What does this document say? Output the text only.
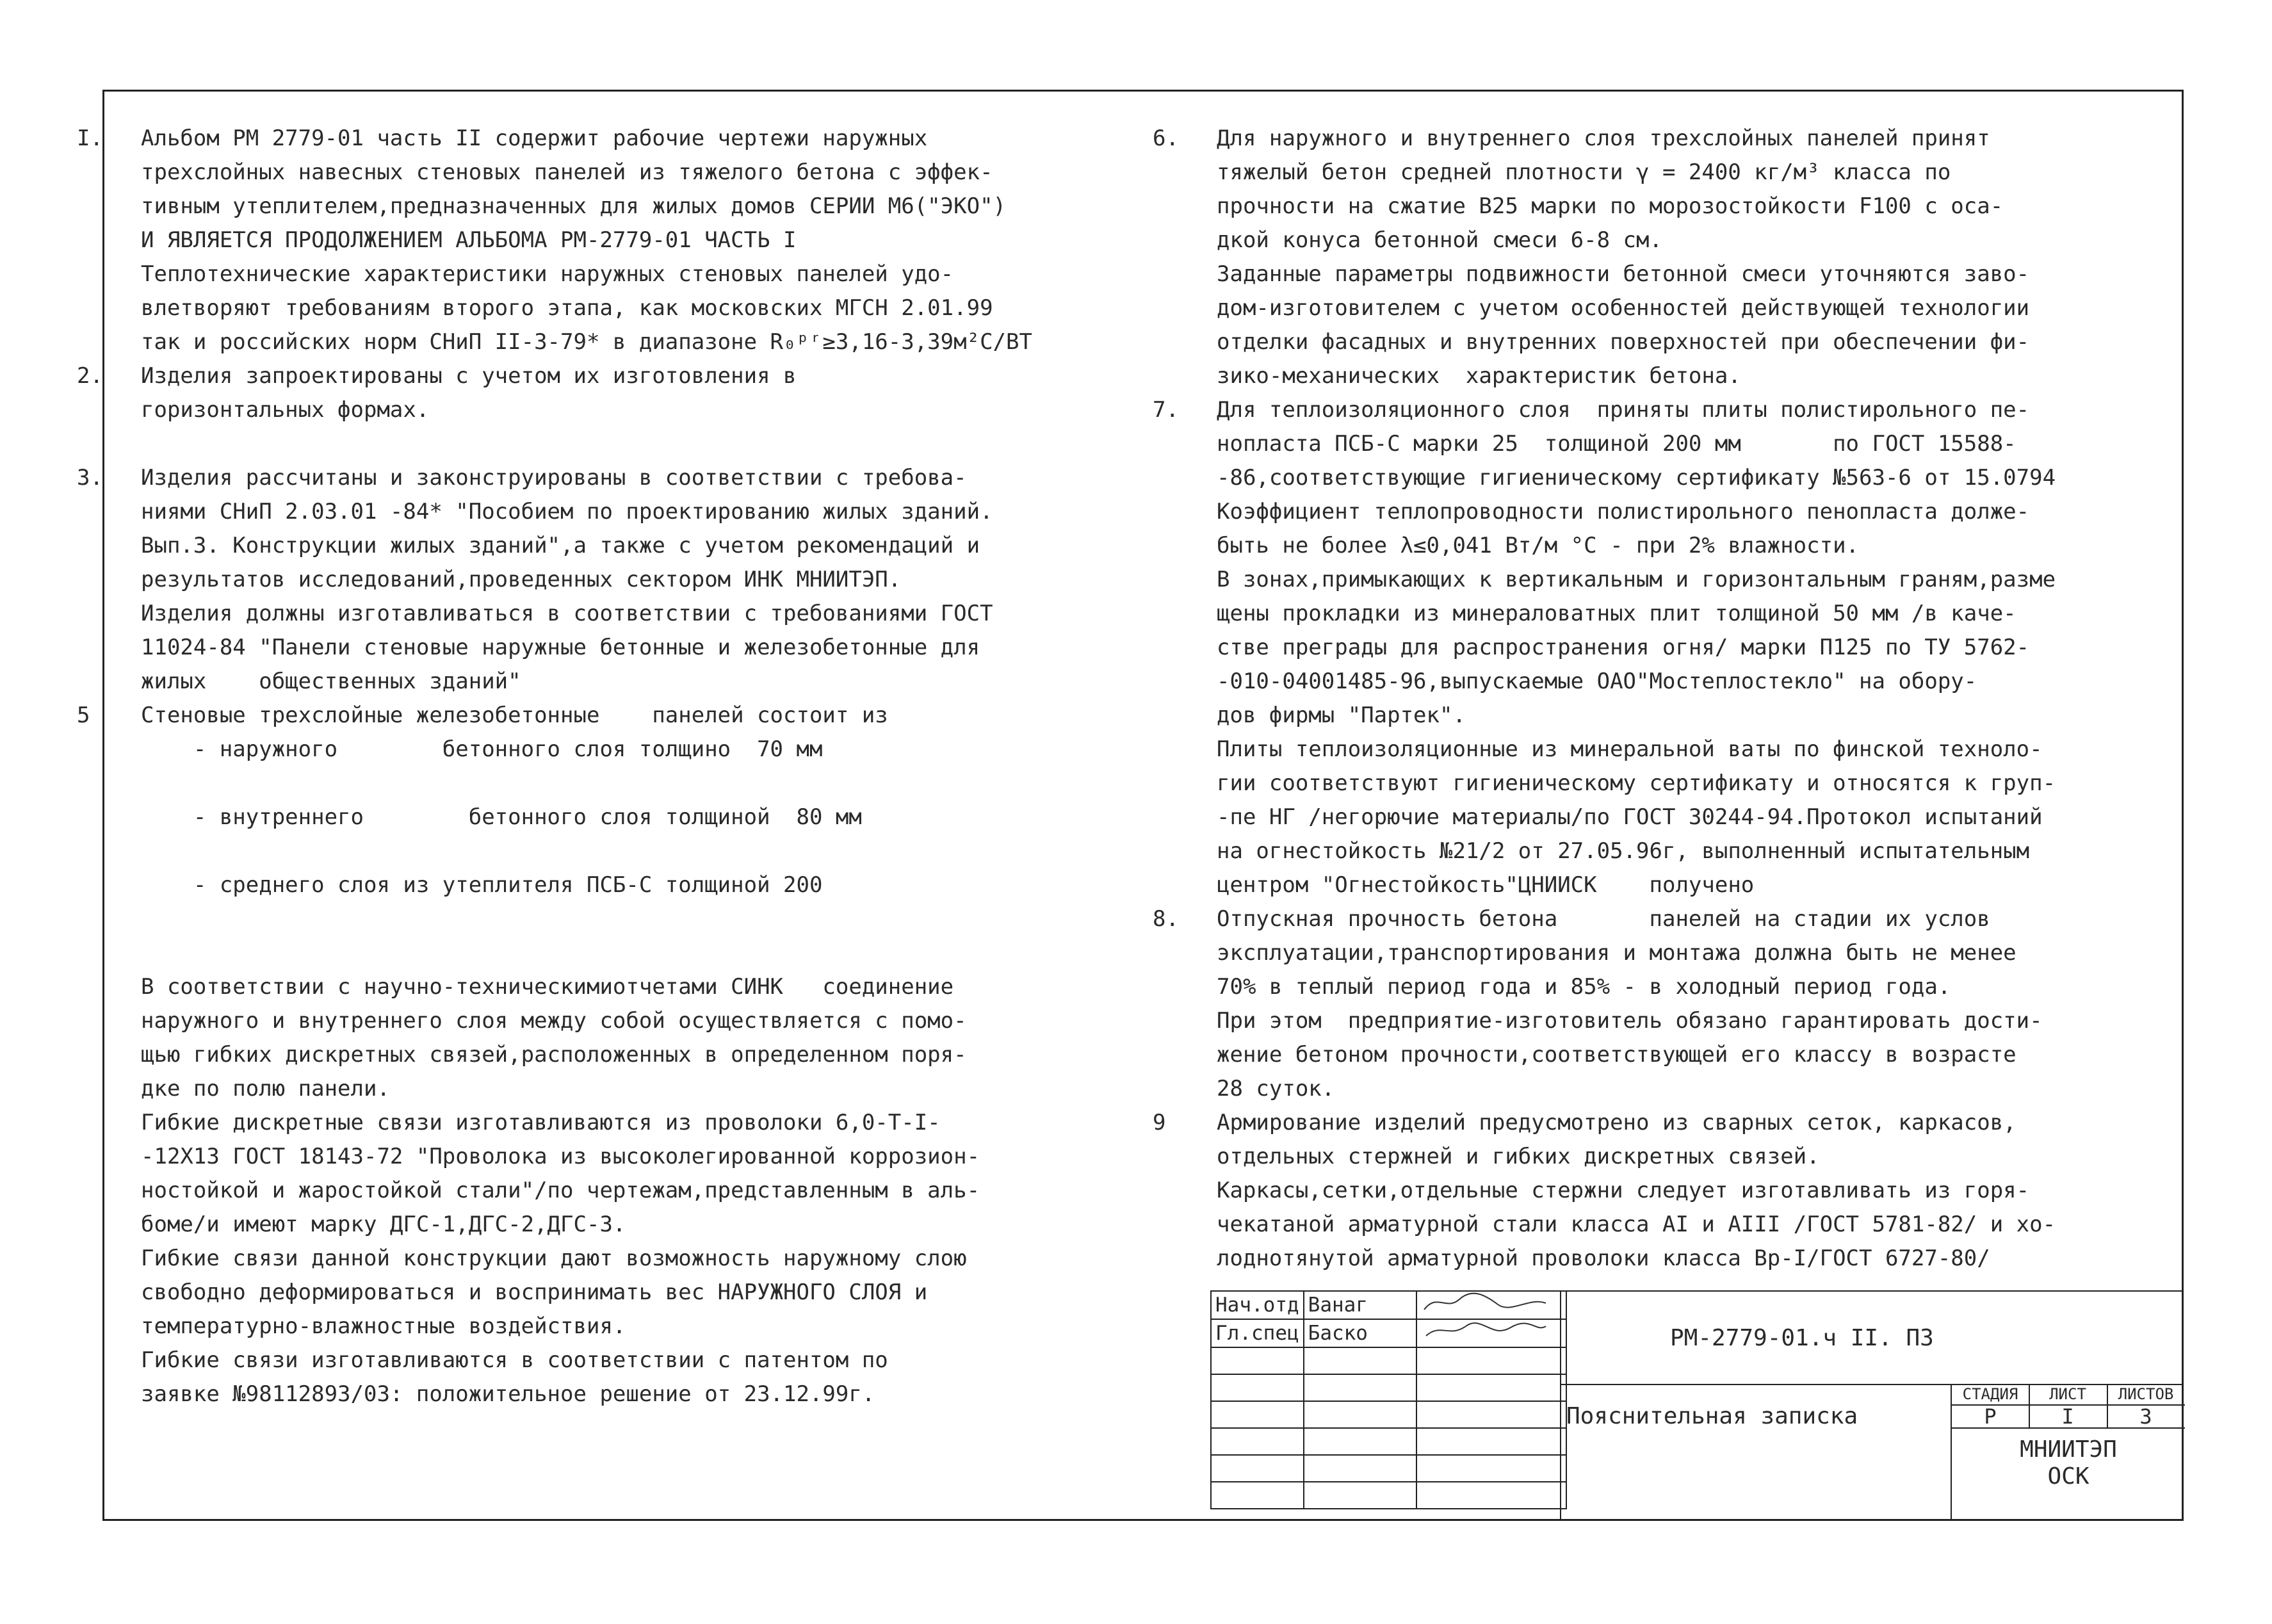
I.	Альбом РМ 2779-01 часть II содержит рабочие чертежи наружных
трехслойных навесных стеновых панелей из тяжелого бетона с эффек-
тивным утеплителем,предназначенных для жилых домов СЕРИИ М6("ЭКО")
И ЯВЛЯЕТСЯ ПРОДОЛЖЕНИЕМ АЛЬБОМА РМ-2779-01 ЧАСТЬ I
Теплотехнические характеристики наружных стеновых панелей удо-
влетворяют требованиям второго этапа, как московских МГСН 2.01.99
так и российских норм СНиП II-3-79* в диапазоне R₀ᵖʳ≥3,16-3,39м²С/ВТ
2.	Изделия запроектированы с учетом их изготовления в
горизонтальных формах.
3.	Изделия рассчитаны и законструированы в соответствии с требова-
ниями СНиП 2.03.01 -84* "Пособием по проектированию жилых зданий.
Вып.3. Конструкции жилых зданий",а также с учетом рекомендаций и
результатов исследований,проведенных сектором ИНК МНИИТЭП.
Изделия должны изготавливаться в соответствии с требованиями ГОСТ
11024-84 "Панели стеновые наружные бетонные и железобетонные для
жилых    общественных зданий"
5	Стеновые трехслойные железобетонные    панелей состоит из
- наружного        бетонного слоя толщино  70 мм

- внутреннего        бетонного слоя толщиной  80 мм

- среднего слоя из утеплителя ПСБ-С толщиной 200

В соответствии с научно-техническимиотчетами СИНК   соединение
наружного и внутреннего слоя между собой осуществляется с помо-
щью гибких дискретных связей,расположенных в определенном поря-
дке по полю панели.
Гибкие дискретные связи изготавливаются из проволоки 6,0-Т-I-
-12Х13 ГОСТ 18143-72 "Проволока из высоколегированной коррозион-
ностойкой и жаростойкой стали"/по чертежам,представленным в аль-
бомe/и имеют марку ДГС-1,ДГС-2,ДГС-3.
Гибкие связи данной конструкции дают возможность наружному слою
свободно деформироваться и воспринимать вес НАРУЖНОГО СЛОЯ и
температурно-влажностные воздействия.
Гибкие связи изготавливаются в соответствии с патентом по
заявке №98112893/03: положительное решение от 23.12.99г.
6.	Для наружного и внутреннего слоя трехслойных панелей принят
тяжелый бетон средней плотности γ = 2400 кг/м³ класса по
прочности на сжатие В25 марки по морозостойкости F100 с оса-
дкой конуса бетонной смеси 6-8 см.
Заданные параметры подвижности бетонной смеси уточняются заво-
дом-изготовителем с учетом особенностей действующей технологии
отделки фасадных и внутренних поверхностей при обеспечении фи-
зико-механических  характеристик бетона.
7.	Для теплоизоляционного слоя  приняты плиты полистирольного пе-
нопласта ПСБ-С марки 25  толщиной 200 мм       по ГОСТ 15588-
-86,соответствующие гигиеническому сертификату №563-6 от 15.0794
Коэффициент теплопроводности полистирольного пенопласта долже-
быть не более λ≤0,041 Вт/м °С - при 2% влажности.
В зонах,примыкающих к вертикальным и горизонтальным граням,разме
щены прокладки из минераловатных плит толщиной 50 мм /в каче-
стве преграды для распространения огня/ марки П125 по ТУ 5762-
-010-04001485-96,выпускаемые ОАО"Мостеплостекло" на обору-
дов фирмы "Партек".
Плиты теплоизоляционные из минеральной ваты по финской техноло-
гии соответствуют гигиеническому сертификату и относятся к груп-
-пе НГ /негорючие материалы/по ГОСТ 30244-94.Протокол испытаний
на огнестойкость №21/2 от 27.05.96г, выполненный испытательным
центром "Огнестойкость"ЦНИИСК    получено
8.	Отпускная прочность бетона       панелей на стадии их услов
эксплуатации,транспортирования и монтажа должна быть не менее
70% в теплый период года и 85% - в холодный период года.
При этом  предприятие-изготовитель обязано гарантировать дости-
жение бетоном прочности,соответствующей его классу в возрасте
28 суток.
9	Армирование изделий предусмотрено из сварных сеток, каркасов,
отдельных стержней и гибких дискретных связей.
Каркасы,сетки,отдельные стержни следует изготавливать из горя-
чекатаной арматурной стали класса АI и АIII /ГОСТ 5781-82/ и хо-
лоднотянутой арматурной проволоки класса Вр-I/ГОСТ 6727-80/
Нач.отд	Ванаг	
Гл.спец	Баско	

			РМ-2779-01.ч II. ПЗ
Пояснительная записка
СТАДИЯ	ЛИСТ	ЛИСТОВ
Р	I	3
МНИИТЭП
ОСК
